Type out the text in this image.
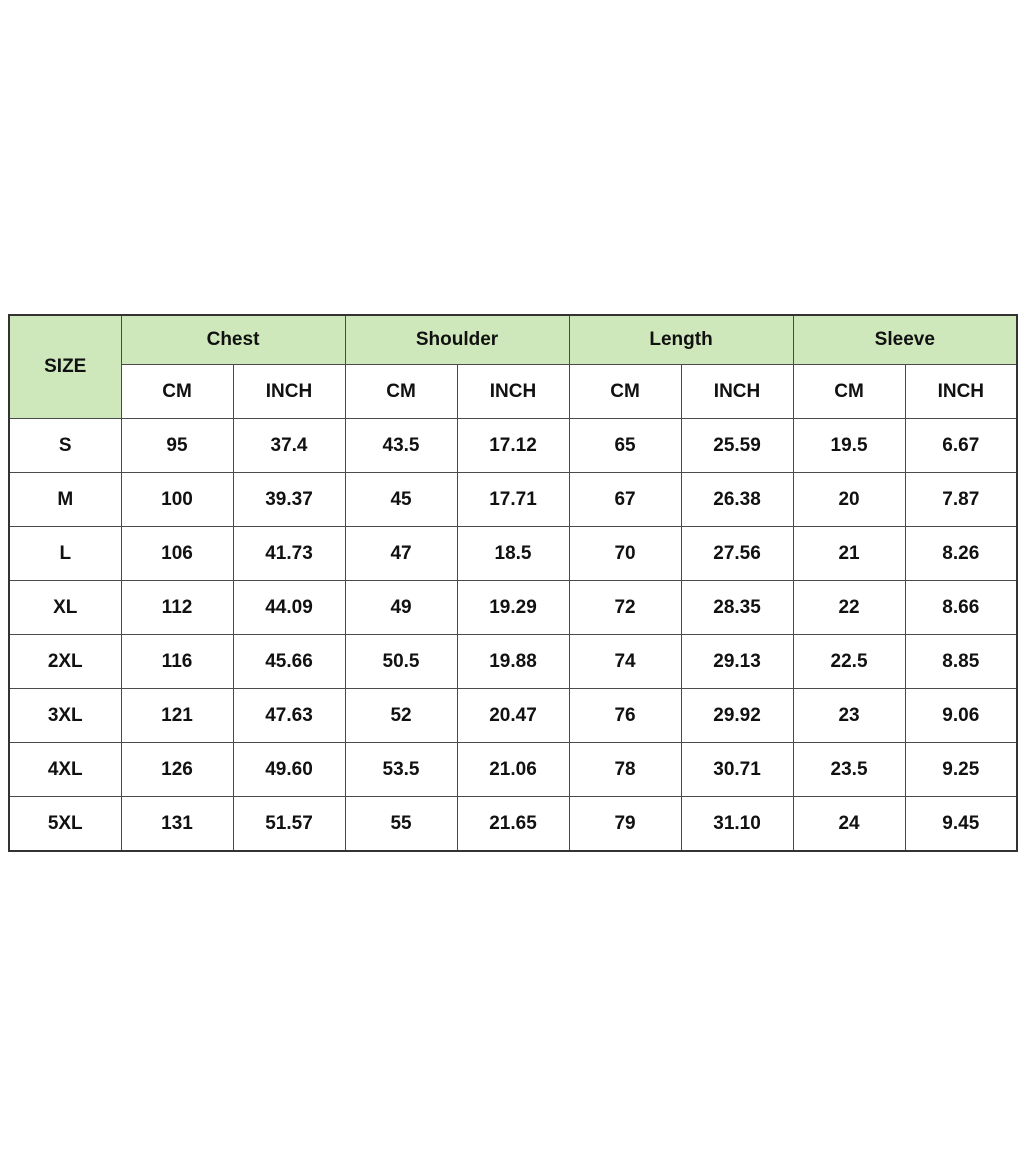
SIZE	Chest		Shoulder		Length		Sleeve	
	CM	INCH	CM	INCH	CM	INCH	CM	INCH
S	95	37.4	43.5	17.12	65	25.59	19.5	6.67
M	100	39.37	45	17.71	67	26.38	20	7.87
L	106	41.73	47	18.5	70	27.56	21	8.26
XL	112	44.09	49	19.29	72	28.35	22	8.66
2XL	116	45.66	50.5	19.88	74	29.13	22.5	8.85
3XL	121	47.63	52	20.47	76	29.92	23	9.06
4XL	126	49.60	53.5	21.06	78	30.71	23.5	9.25
5XL	131	51.57	55	21.65	79	31.10	24	9.45
